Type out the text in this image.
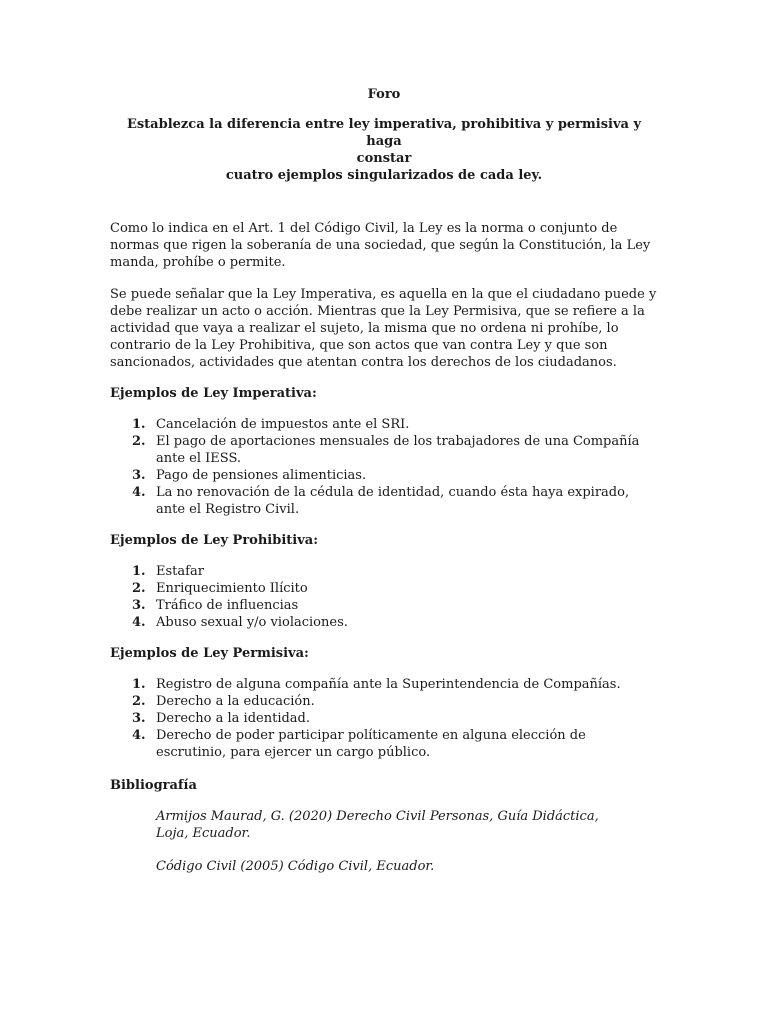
Foro

Establezca la diferencia entre ley imperativa, prohibitiva y permisiva y haga
constar
cuatro ejemplos singularizados de cada ley.

Como lo indica en el Art. 1 del Código Civil, la Ley es la norma o conjunto de normas que rigen la soberanía de una sociedad, que según la Constitución, la Ley manda, prohíbe o permite.

Se puede señalar que la Ley Imperativa, es aquella en la que el ciudadano puede y debe realizar un acto o acción. Mientras que la Ley Permisiva, que se refiere a la actividad que vaya a realizar el sujeto, la misma que no ordena ni prohíbe, lo contrario de la Ley Prohibitiva, que son actos que van contra Ley y que son sancionados, actividades que atentan contra los derechos de los ciudadanos.

Ejemplos de Ley Imperativa:

1. Cancelación de impuestos ante el SRI.
2. El pago de aportaciones mensuales de los trabajadores de una Compañía ante el IESS.
3. Pago de pensiones alimenticias.
4. La no renovación de la cédula de identidad, cuando ésta haya expirado, ante el Registro Civil.

Ejemplos de Ley Prohibitiva:

1. Estafar
2. Enriquecimiento Ilícito
3. Tráfico de influencias
4. Abuso sexual y/o violaciones.

Ejemplos de Ley Permisiva:

1. Registro de alguna compañía ante la Superintendencia de Compañías.
2. Derecho a la educación.
3. Derecho a la identidad.
4. Derecho de poder participar políticamente en alguna elección de escrutinio, para ejercer un cargo público.

Bibliografía

Armijos Maurad, G. (2020) Derecho Civil Personas, Guía Didáctica, Loja, Ecuador.

Código Civil (2005) Código Civil, Ecuador.
